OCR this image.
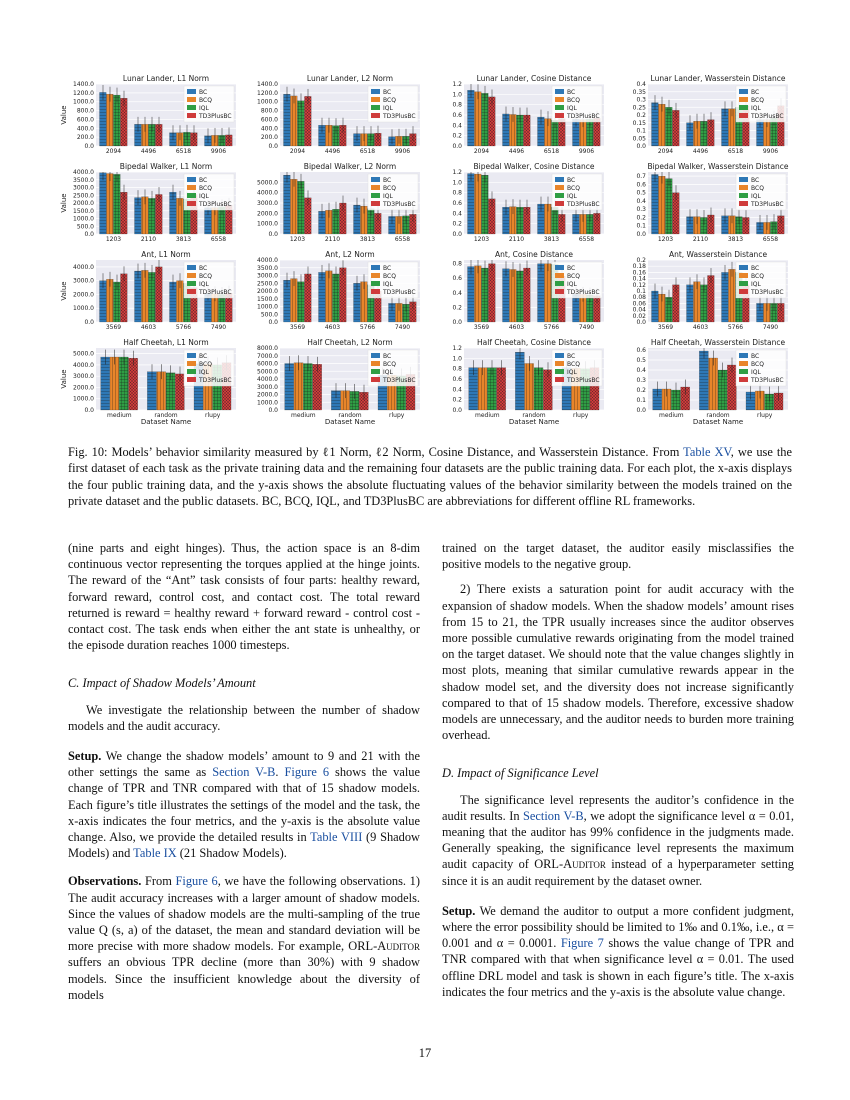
Lunar Lander, L1 Norm
0.0
200.0
400.0
600.0
800.0
1000.0
1200.0
1400.0
2094	4496	6518	9906
BC
BCQ
IQL
TD3PlusBC
Value
Lunar Lander, L2 Norm
0.0
200.0
400.0
600.0
800.0
1000.0
1200.0
1400.0
2094	4496	6518	9906
BC
BCQ
IQL
TD3PlusBC
Lunar Lander, Cosine Distance
0.0
0.2
0.4
0.6
0.8
1.0
1.2
2094	4496	6518	9906
BC
BCQ
IQL
TD3PlusBC
Lunar Lander, Wasserstein Distance
0.0
0.05
0.1
0.15
0.2
0.25
0.3
0.35
0.4
2094	4496	6518	9906
BC
BCQ
IQL
TD3PlusBC
Bipedal Walker, L1 Norm
0.0
500.0
1000.0
1500.0
2000.0
2500.0
3000.0
3500.0
4000.0
1203	2110	3813	6558
BC
BCQ
IQL
TD3PlusBC
Value
Bipedal Walker, L2 Norm
0.0
1000.0
2000.0
3000.0
4000.0
5000.0
1203	2110	3813	6558
BC
BCQ
IQL
TD3PlusBC
Bipedal Walker, Cosine Distance
0.0
0.2
0.4
0.6
0.8
1.0
1.2
1203	2110	3813	6558
BC
BCQ
IQL
TD3PlusBC
Bipedal Walker, Wasserstein Distance
0.0
0.1
0.2
0.3
0.4
0.5
0.6
0.7
1203	2110	3813	6558
BC
BCQ
IQL
TD3PlusBC
Ant, L1 Norm
0.0
1000.0
2000.0
3000.0
4000.0
3569	4603	5766	7490
BC
BCQ
IQL
TD3PlusBC
Value
Ant, L2 Norm
0.0
500.0
1000.0
1500.0
2000.0
2500.0
3000.0
3500.0
4000.0
3569	4603	5766	7490
BC
BCQ
IQL
TD3PlusBC
Ant, Cosine Distance
0.0
0.2
0.4
0.6
0.8
3569	4603	5766	7490
BC
BCQ
IQL
TD3PlusBC
Ant, Wasserstein Distance
0.0
0.02
0.04
0.06
0.08
0.1
0.12
0.14
0.16
0.18
0.2
3569	4603	5766	7490
BC
BCQ
IQL
TD3PlusBC
Half Cheetah, L1 Norm
0.0
1000.0
2000.0
3000.0
4000.0
5000.0
medium	random	rlupy
BC
BCQ
IQL
TD3PlusBC
Value
Dataset Name
Half Cheetah, L2 Norm
0.0
1000.0
2000.0
3000.0
4000.0
5000.0
6000.0
7000.0
8000.0
medium	random	rlupy
BC
BCQ
IQL
TD3PlusBC
Dataset Name
Half Cheetah, Cosine Distance
0.0
0.2
0.4
0.6
0.8
1.0
1.2
medium	random	rlupy
BC
BCQ
IQL
TD3PlusBC
Dataset Name
Half Cheetah, Wasserstein Distance
0.0
0.1
0.2
0.3
0.4
0.5
0.6
medium	random	rlupy
BC
BCQ
IQL
TD3PlusBC
Dataset Name
Fig. 10: Models’ behavior similarity measured by ℓ1 Norm, ℓ2 Norm, Cosine Distance, and Wasserstein Distance. From Table XV, we use the first dataset of each task as the private training data and the remaining four datasets are the public training data. For each plot, the x-axis displays the four public training data, and the y-axis shows the absolute fluctuating values of the behavior similarity between the models trained on the private dataset and the public datasets. BC, BCQ, IQL, and TD3PlusBC are abbreviations for different offline RL frameworks.

(nine parts and eight hinges). Thus, the action space is an 8-dim continuous vector representing the torques applied at the hinge joints. The reward of the “Ant” task consists of four parts: healthy reward, forward reward, control cost, and contact cost. The total reward returned is reward = healthy reward + forward reward - control cost - contact cost. The task ends when either the ant state is unhealthy, or the episode duration reaches 1000 timesteps.

C. Impact of Shadow Models’ Amount

We investigate the relationship between the number of shadow models and the audit accuracy.

Setup. We change the shadow models’ amount to 9 and 21 with the other settings the same as Section V-B. Figure 6 shows the value change of TPR and TNR compared with that of 15 shadow models. Each figure’s title illustrates the settings of the model and the task, the x-axis indicates the four metrics, and the y-axis is the absolute value change. Also, we provide the detailed results in Table VIII (9 Shadow Models) and Table IX (21 Shadow Models).

Observations. From Figure 6, we have the following observations. 1) The audit accuracy increases with a larger amount of shadow models. Since the values of shadow models are the multi-sampling of the true value Q (s, a) of the dataset, the mean and standard deviation will be more precise with more shadow models. For example, ORL-Auditor suffers an obvious TPR decline (more than 30%) with 9 shadow models. Since the insufficient knowledge about the diversity of models

trained on the target dataset, the auditor easily misclassifies the positive models to the negative group.

2) There exists a saturation point for audit accuracy with the expansion of shadow models. When the shadow models’ amount rises from 15 to 21, the TPR usually increases since the auditor observes more possible cumulative rewards originating from the model trained on the target dataset. We should note that the value changes slightly in most plots, meaning that similar cumulative rewards appear in the shadow model set, and the diversity does not increase significantly compared to that of 15 shadow models. Therefore, excessive shadow models are unnecessary, and the auditor needs to burden more training overhead.

D. Impact of Significance Level

The significance level represents the auditor’s confidence in the audit results. In Section V-B, we adopt the significance level α = 0.01, meaning that the auditor has 99% confidence in the judgments made. Generally speaking, the significance level represents the maximum audit capacity of ORL-Auditor instead of a hyperparameter setting since it is an audit requirement by the dataset owner.

Setup. We demand the auditor to output a more confident judgment, where the error possibility should be limited to 1‰ and 0.1‰, i.e., α = 0.001 and α = 0.0001. Figure 7 shows the value change of TPR and TNR compared with that when significance level α = 0.01. The used offline DRL model and task is shown in each figure’s title. The x-axis indicates the four metrics and the y-axis is the absolute value change.

17
